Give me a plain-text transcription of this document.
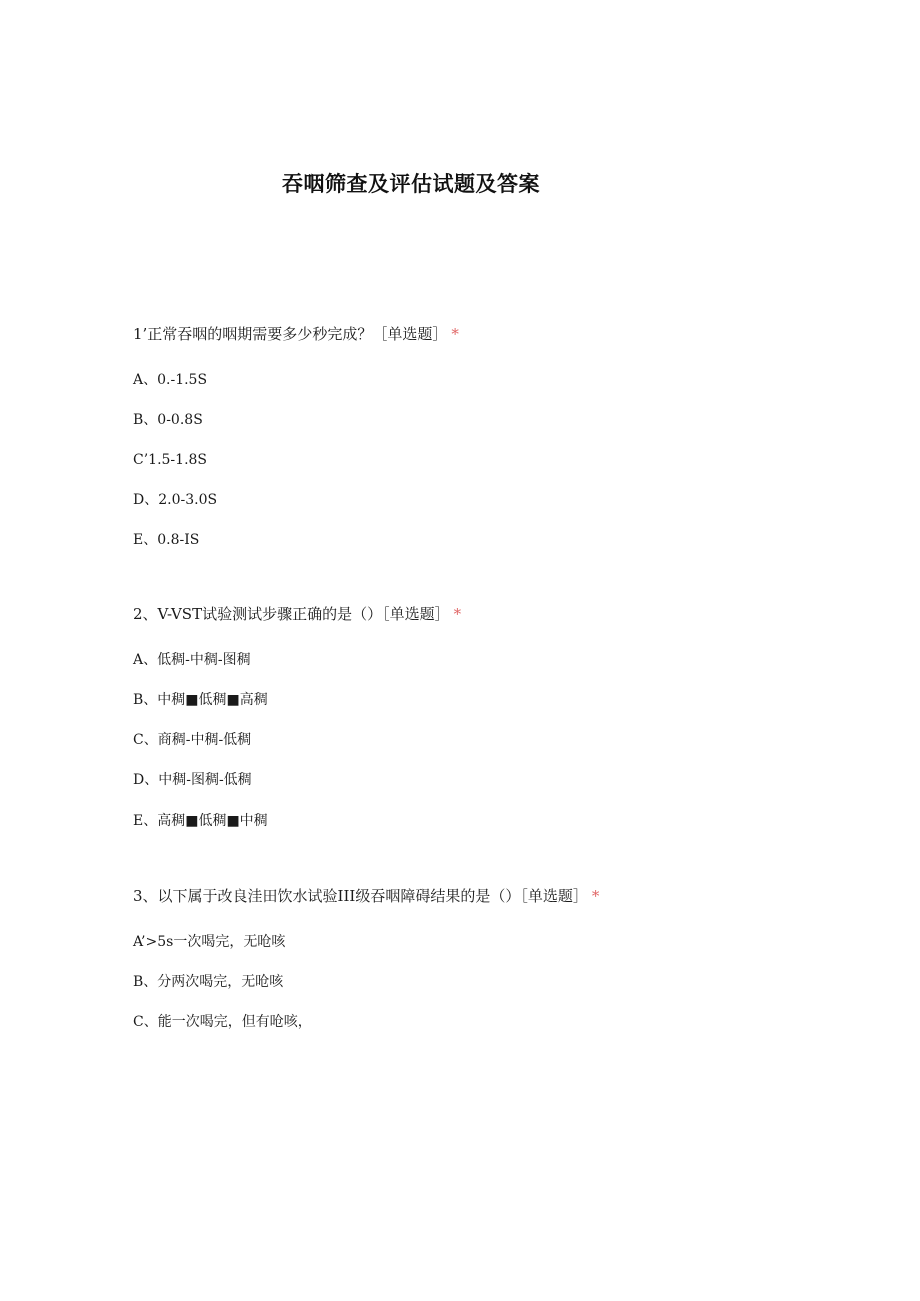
吞咽筛查及评估试题及答案
1’正常吞咽的咽期需要多少秒完成？［单选题］ *
A、0.-1.5S
B、0-0.8S
C’1.5-1.8S
D、2.0-3.0S
E、0.8-IS
2、V-VST试验测试步骤正确的是（）［单选题］ *
A、低稠-中稠-图稠
B、中稠■低稠■高稠
C、商稠-中稠-低稠
D、中稠-图稠-低稠
E、高稠■低稠■中稠
3、以下属于改良洼田饮水试验III级吞咽障碍结果的是（）［单选题］ *
A’>5s一次喝完，无呛咳
B、分两次喝完，无呛咳
C、能一次喝完，但有呛咳，
